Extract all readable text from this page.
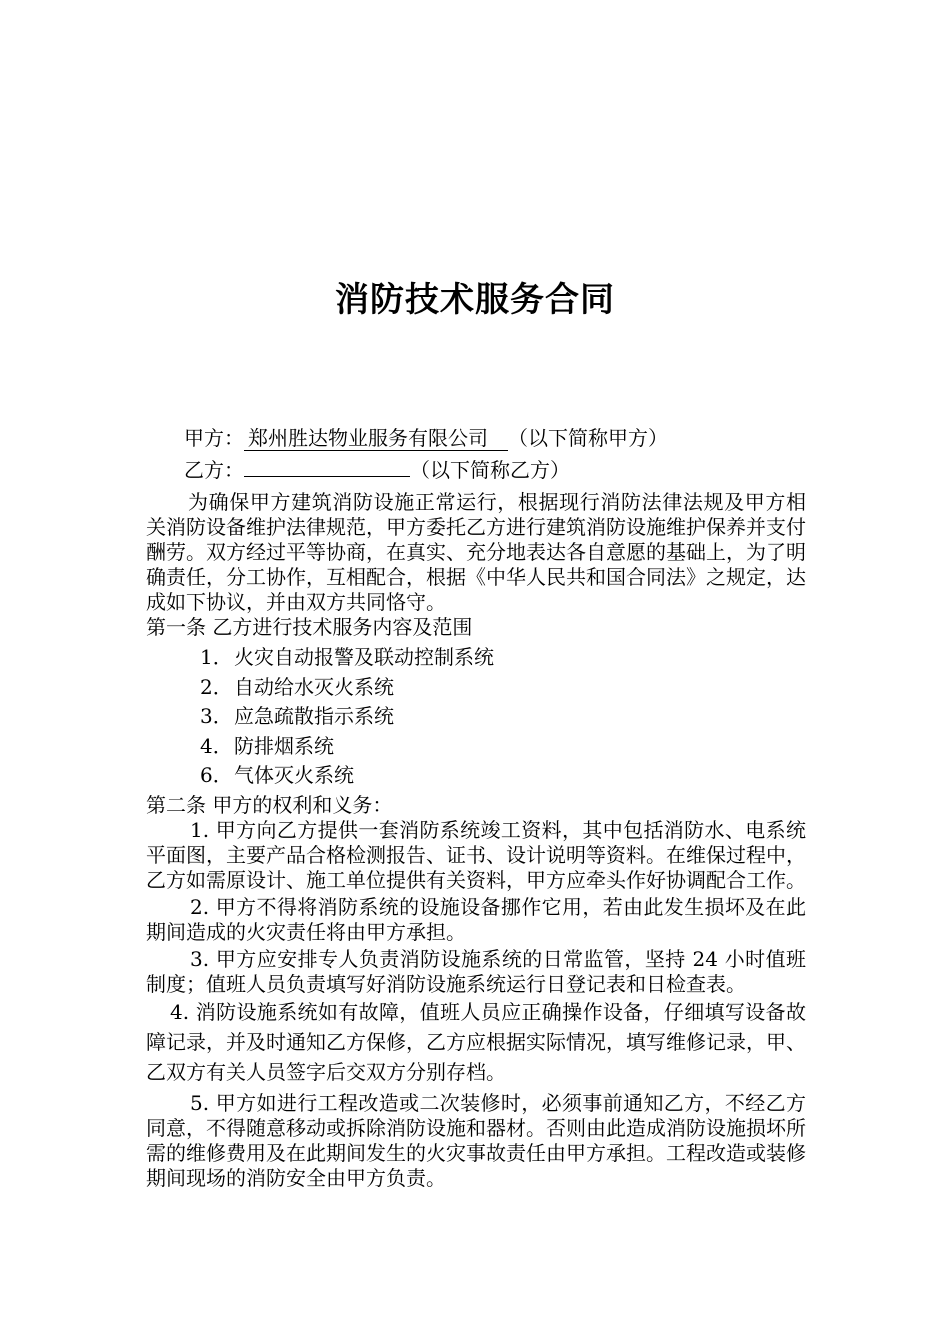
消防技术服务合同
甲方： 郑州胜达物业服务有限公司 （以下简称甲方）
乙方：	（以下简称乙方）
为确保甲方建筑消防设施正常运行，根据现行消防法律法规及甲方相关消防设备维护法律规范，甲方委托乙方进行建筑消防设施维护保养并支付酬劳。双方经过平等协商，在真实、充分地表达各自意愿的基础上，为了明确责任，分工协作，互相配合，根据《中华人民共和国合同法》之规定，达成如下协议，并由双方共同恪守。
第一条 乙方进行技术服务内容及范围
1．火灾自动报警及联动控制系统
2．自动给水灭火系统
3．应急疏散指示系统
4．防排烟系统
6．气体灭火系统
第二条 甲方的权利和义务：
1. 甲方向乙方提供一套消防系统竣工资料，其中包括消防水、电系统平面图，主要产品合格检测报告、证书、设计说明等资料。在维保过程中，乙方如需原设计、施工单位提供有关资料，甲方应牵头作好协调配合工作。
2. 甲方不得将消防系统的设施设备挪作它用，若由此发生损坏及在此期间造成的火灾责任将由甲方承担。
3. 甲方应安排专人负责消防设施系统的日常监管，坚持 24 小时值班制度；值班人员负责填写好消防设施系统运行日登记表和日检查表。
4. 消防设施系统如有故障，值班人员应正确操作设备，仔细填写设备故障记录，并及时通知乙方保修，乙方应根据实际情况，填写维修记录，甲、乙双方有关人员签字后交双方分别存档。
5. 甲方如进行工程改造或二次装修时，必须事前通知乙方，不经乙方同意，不得随意移动或拆除消防设施和器材。否则由此造成消防设施损坏所需的维修费用及在此期间发生的火灾事故责任由甲方承担。工程改造或装修期间现场的消防安全由甲方负责。
